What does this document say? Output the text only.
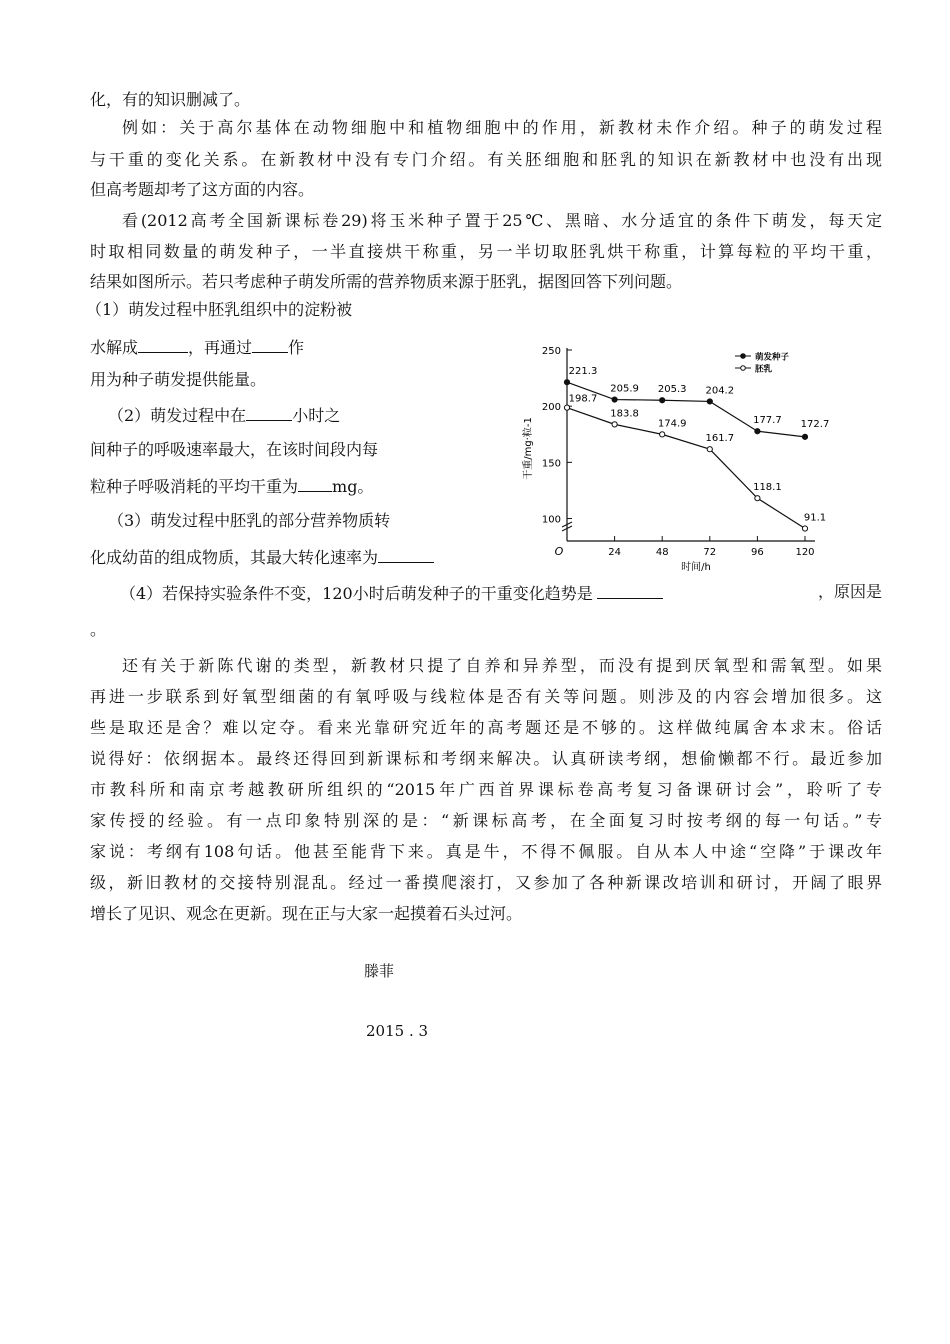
化，有的知识删减了。
例如：关于高尔基体在动物细胞中和植物细胞中的作用，新教材未作介绍。种子的萌发过程
与干重的变化关系。在新教材中没有专门介绍。有关胚细胞和胚乳的知识在新教材中也没有出现
但高考题却考了这方面的内容。
看(2012高考全国新课标卷29)将玉米种子置于25℃、黑暗、水分适宜的条件下萌发，每天定
时取相同数量的萌发种子，一半直接烘干称重，另一半切取胚乳烘干称重，计算每粒的平均干重，
结果如图所示。若只考虑种子萌发所需的营养物质来源于胚乳，据图回答下列问题。
（1）萌发过程中胚乳组织中的淀粉被
水解成	，再通过 作
用为种子萌发提供能量。
（2）萌发过程中在	小时之
间种子的呼吸速率最大，在该时间段内每
粒种子呼吸消耗的平均干重为 mg。
（3）萌发过程中胚乳的部分营养物质转
化成幼苗的组成物质，其最大转化速率为
（4）若保持实验条件不变，120小时后萌发种子的干重变化趋势是	，原因是
。
还有关于新陈代谢的类型，新教材只提了自养和异养型，而没有提到厌氧型和需氧型。如果
再进一步联系到好氧型细菌的有氧呼吸与线粒体是否有关等问题。则涉及的内容会增加很多。这
些是取还是舍？难以定夺。看来光靠研究近年的高考题还是不够的。这样做纯属舍本求末。俗话
说得好：依纲据本。最终还得回到新课标和考纲来解决。认真研读考纲，想偷懒都不行。最近参加
市教科所和南京考越教研所组织的“2015年广西首界课标卷高考复习备课研讨会”，聆听了专
家传授的经验。有一点印象特别深的是：“新课标高考，在全面复习时按考纲的每一句话。”专
家说：考纲有108句话。他甚至能背下来。真是牛，不得不佩服。自从本人中途“空降”于课改年
级，新旧教材的交接特别混乱。经过一番摸爬滚打，又参加了各种新课改培训和研讨，开阔了眼界
增长了见识、观念在更新。现在正与大家一起摸着石头过河。
滕菲
2015 . 3
100
150
200
250
24	48	72	96	120
O
时间/h
干重/mg·粒-1
221.3
205.9 205.3 204.2
177.7 172.7
198.7
183.8
174.9
161.7
118.1
91.1
萌发种子
胚乳
